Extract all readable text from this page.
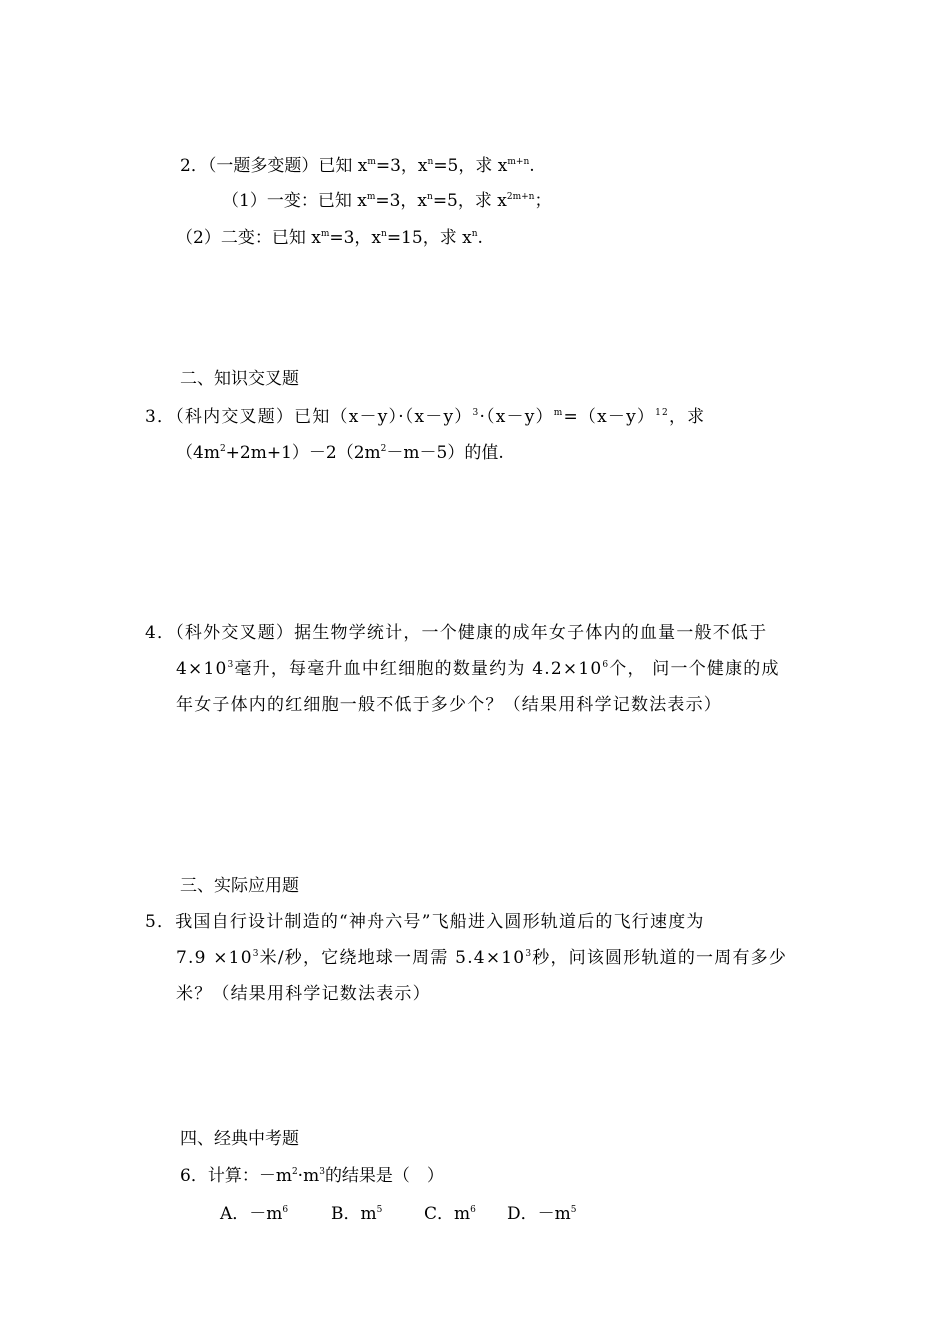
2．（一题多变题）已知 $x^m=3$，$x^n=5$，求 $x^{m+n}$.
（1）一变：已知 $x^m=3$，$x^n=5$，求 $x^{2m+n}$；
（2）二变：已知 $x^m=3$，$x^n=15$，求 $x^n$.
二、知识交叉题
3．（科内交叉题）已知$(x-y)\cdot(x-y)^3\cdot(x-y)^m=(x-y)^{12}$，求
$(4m^2+2m+1)-2(2m^2-m-5)$的值.
4．（科外交叉题）据生物学统计，一个健康的成年女子体内的血量一般不低于
$4\times 10^3$毫升，每毫升血中红细胞的数量约为 $4.2\times 10^6$个， 问一个健康的成
年女子体内的红细胞一般不低于多少个？（结果用科学记数法表示）
三、实际应用题
5．我国自行设计制造的“神舟六号”飞船进入圆形轨道后的飞行速度为
$7.9 \times 10^3$米/秒，它绕地球一周需 $5.4\times 10^3$秒，问该圆形轨道的一周有多少
米？（结果用科学记数法表示）
四、经典中考题
6．计算：$-m^2\cdot m^3$的结果是（　）
A．$-m^6$	B．$m^5$ C．$m^6$ D．$-m^5$
